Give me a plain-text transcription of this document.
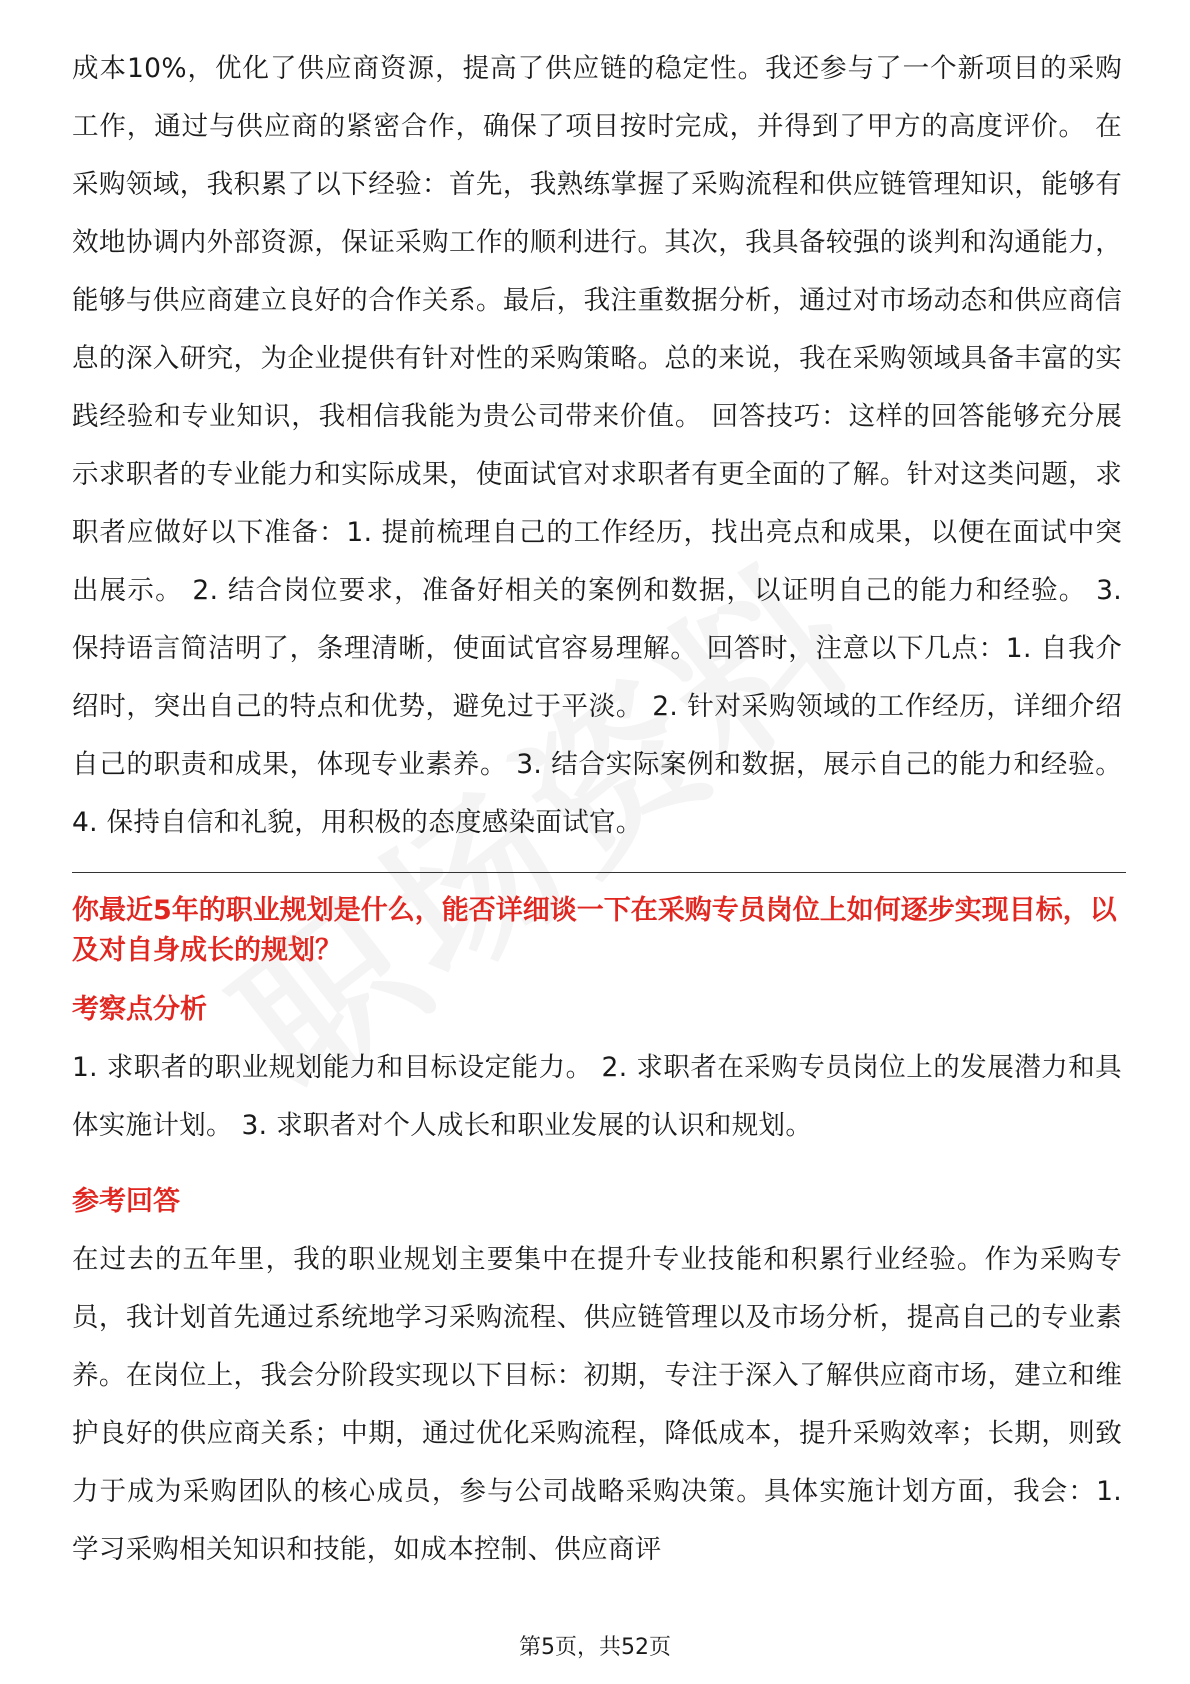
成本10%，优化了供应商资源，提高了供应链的稳定性。我还参与了一个新项目的采购工作，通过与供应商的紧密合作，确保了项目按时完成，并得到了甲方的高度评价。 在采购领域，我积累了以下经验：首先，我熟练掌握了采购流程和供应链管理知识，能够有效地协调内外部资源，保证采购工作的顺利进行。其次，我具备较强的谈判和沟通能力，能够与供应商建立良好的合作关系。最后，我注重数据分析，通过对市场动态和供应商信息的深入研究，为企业提供有针对性的采购策略。总的来说，我在采购领域具备丰富的实践经验和专业知识，我相信我能为贵公司带来价值。 回答技巧：这样的回答能够充分展示求职者的专业能力和实际成果，使面试官对求职者有更全面的了解。针对这类问题，求职者应做好以下准备：1. 提前梳理自己的工作经历，找出亮点和成果，以便在面试中突出展示。 2. 结合岗位要求，准备好相关的案例和数据，以证明自己的能力和经验。 3. 保持语言简洁明了，条理清晰，使面试官容易理解。 回答时，注意以下几点：1. 自我介绍时，突出自己的特点和优势，避免过于平淡。 2. 针对采购领域的工作经历，详细介绍自己的职责和成果，体现专业素养。 3. 结合实际案例和数据，展示自己的能力和经验。 4. 保持自信和礼貌，用积极的态度感染面试官。

你最近5年的职业规划是什么，能否详细谈一下在采购专员岗位上如何逐步实现目标，以及对自身成长的规划？
考察点分析

1. 求职者的职业规划能力和目标设定能力。 2. 求职者在采购专员岗位上的发展潜力和具体实施计划。 3. 求职者对个人成长和职业发展的认识和规划。

参考回答

在过去的五年里，我的职业规划主要集中在提升专业技能和积累行业经验。作为采购专员，我计划首先通过系统地学习采购流程、供应链管理以及市场分析，提高自己的专业素养。在岗位上，我会分阶段实现以下目标：初期，专注于深入了解供应商市场，建立和维护良好的供应商关系；中期，通过优化采购流程，降低成本，提升采购效率；长期，则致力于成为采购团队的核心成员，参与公司战略采购决策。具体实施计划方面，我会：1. 学习采购相关知识和技能，如成本控制、供应商评

第5页，共52页
